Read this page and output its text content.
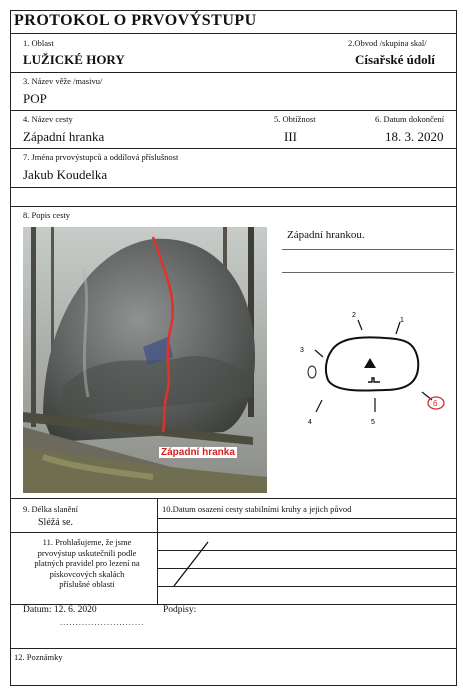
PROTOKOL O PRVOVÝSTUPU
1. Oblast	2.Obvod /skupina skal/
LUŽICKÉ HORY	Císařské údolí
3. Název věže /masivu/
POP
4. Název cesty	5. Obtížnost	6. Datum dokončení
Západní hranka	III	18. 3. 2020
7. Jména prvovýstupců a oddílová příslušnost
Jakub Koudelka
8. Popis cesty
Západní hranka
Západní hrankou.
2
1
3
4	5
6
9. Délka slanění	10.Datum osazení cesty stabilními kruhy a jejich původ
Sléžá se.
11. Prohlašujeme, že jsme
prvovýstup uskutečnili podle
platných pravidel pro lezení na
pískovcových skalách
příslušné oblasti
Datum: 12. 6. 2020	Podpisy:
...........................
12. Poznámky
